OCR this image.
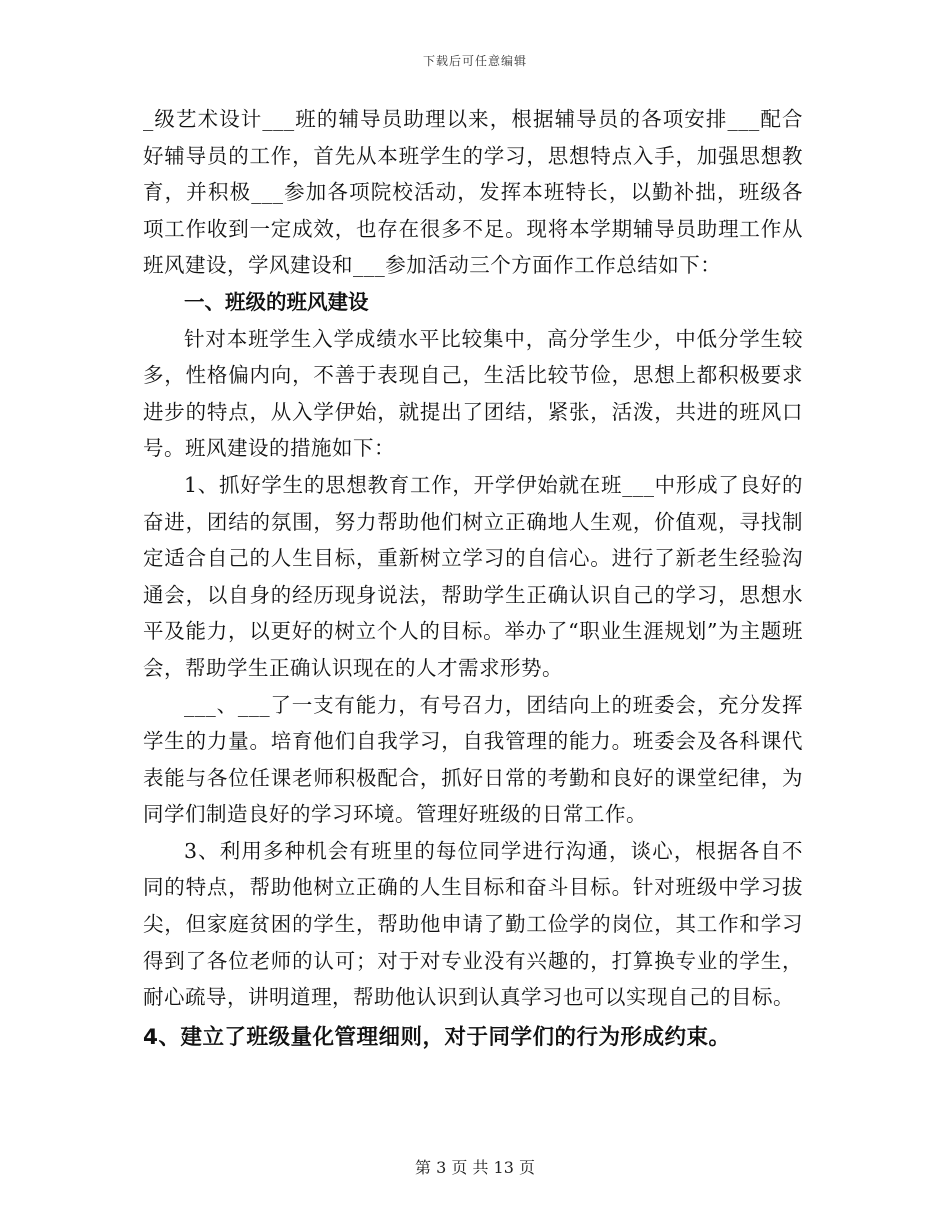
下载后可任意编辑

_级艺术设计___班的辅导员助理以来，根据辅导员的各项安排___配合好辅导员的工作，首先从本班学生的学习，思想特点入手，加强思想教育，并积极___参加各项院校活动，发挥本班特长，以勤补拙，班级各项工作收到一定成效，也存在很多不足。现将本学期辅导员助理工作从班风建设，学风建设和___参加活动三个方面作工作总结如下：

一、班级的班风建设

针对本班学生入学成绩水平比较集中，高分学生少，中低分学生较多，性格偏内向，不善于表现自己，生活比较节俭，思想上都积极要求进步的特点，从入学伊始，就提出了团结，紧张，活泼，共进的班风口号。班风建设的措施如下：

1、抓好学生的思想教育工作，开学伊始就在班___中形成了良好的奋进，团结的氛围，努力帮助他们树立正确地人生观，价值观，寻找制定适合自己的人生目标，重新树立学习的自信心。进行了新老生经验沟通会，以自身的经历现身说法，帮助学生正确认识自己的学习，思想水平及能力，以更好的树立个人的目标。举办了“职业生涯规划”为主题班会，帮助学生正确认识现在的人才需求形势。

___、___了一支有能力，有号召力，团结向上的班委会，充分发挥学生的力量。培育他们自我学习，自我管理的能力。班委会及各科课代表能与各位任课老师积极配合，抓好日常的考勤和良好的课堂纪律，为同学们制造良好的学习环境。管理好班级的日常工作。

3、利用多种机会有班里的每位同学进行沟通，谈心，根据各自不同的特点，帮助他树立正确的人生目标和奋斗目标。针对班级中学习拔尖，但家庭贫困的学生，帮助他申请了勤工俭学的岗位，其工作和学习得到了各位老师的认可；对于对专业没有兴趣的，打算换专业的学生，耐心疏导，讲明道理，帮助他认识到认真学习也可以实现自己的目标。

4、建立了班级量化管理细则，对于同学们的行为形成约束。

第 3 页 共 13 页
